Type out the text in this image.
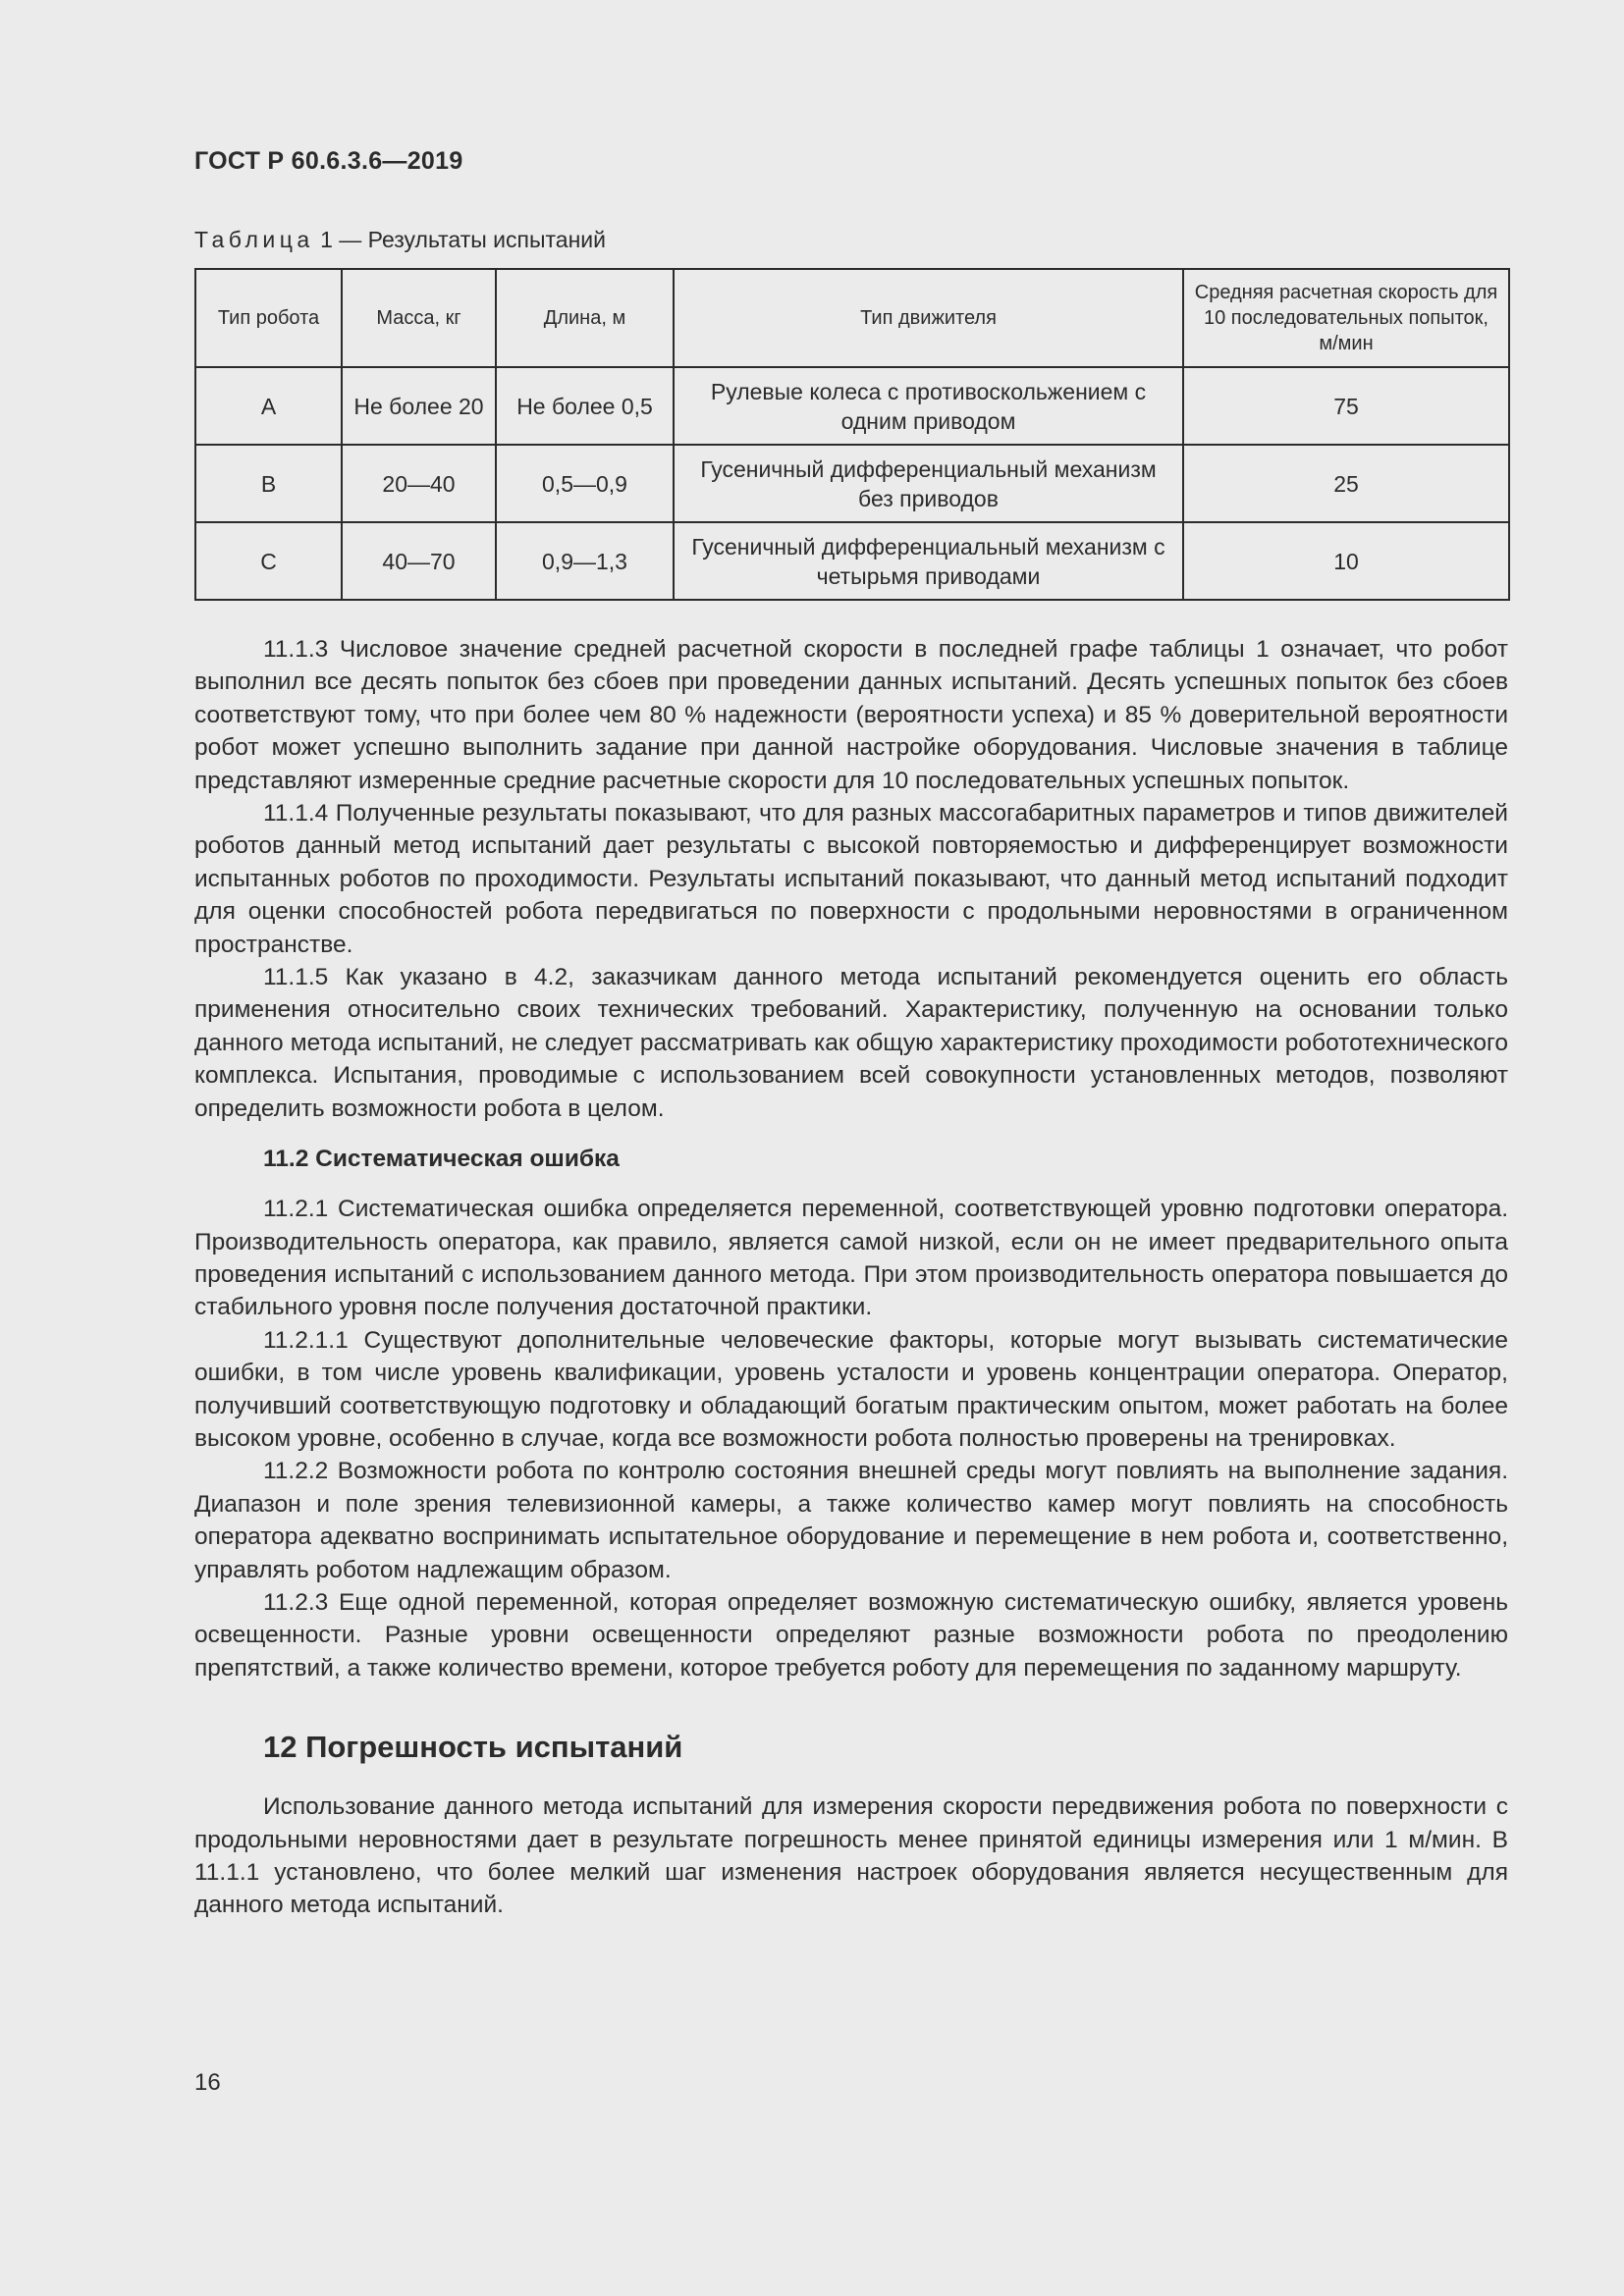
ГОСТ Р 60.6.3.6—2019
Таблица 1 — Результаты испытаний
Тип робота	Масса, кг	Длина, м	Тип движителя	Средняя расчетная скорость для 10 последовательных попыток, м/мин
A	Не более 20	Не более 0,5	Рулевые колеса с противоскольжением с одним приводом	75
B	20—40	0,5—0,9	Гусеничный дифференциальный механизм без приводов	25
C	40—70	0,9—1,3	Гусеничный дифференциальный механизм с четырьмя приводами	10

11.1.3 Числовое значение средней расчетной скорости в последней графе таблицы 1 означает, что робот выполнил все десять попыток без сбоев при проведении данных испытаний. Десять успешных попыток без сбоев соответствуют тому, что при более чем 80 % надежности (вероятности успеха) и 85 % доверительной вероятности робот может успешно выполнить задание при данной настройке оборудования. Числовые значения в таблице представляют измеренные средние расчетные скорости для 10 последовательных успешных попыток.

11.1.4 Полученные результаты показывают, что для разных массогабаритных параметров и типов движителей роботов данный метод испытаний дает результаты с высокой повторяемостью и дифференцирует возможности испытанных роботов по проходимости. Результаты испытаний показывают, что данный метод испытаний подходит для оценки способностей робота передвигаться по поверхности с продольными неровностями в ограниченном пространстве.

11.1.5 Как указано в 4.2, заказчикам данного метода испытаний рекомендуется оценить его область применения относительно своих технических требований. Характеристику, полученную на основании только данного метода испытаний, не следует рассматривать как общую характеристику проходимости робототехнического комплекса. Испытания, проводимые с использованием всей совокупности установленных методов, позволяют определить возможности робота в целом.

11.2 Систематическая ошибка

11.2.1 Систематическая ошибка определяется переменной, соответствующей уровню подготовки оператора. Производительность оператора, как правило, является самой низкой, если он не имеет предварительного опыта проведения испытаний с использованием данного метода. При этом производительность оператора повышается до стабильного уровня после получения достаточной практики.

11.2.1.1 Существуют дополнительные человеческие факторы, которые могут вызывать систематические ошибки, в том числе уровень квалификации, уровень усталости и уровень концентрации оператора. Оператор, получивший соответствующую подготовку и обладающий богатым практическим опытом, может работать на более высоком уровне, особенно в случае, когда все возможности робота полностью проверены на тренировках.

11.2.2 Возможности робота по контролю состояния внешней среды могут повлиять на выполнение задания. Диапазон и поле зрения телевизионной камеры, а также количество камер могут повлиять на способность оператора адекватно воспринимать испытательное оборудование и перемещение в нем робота и, соответственно, управлять роботом надлежащим образом.

11.2.3 Еще одной переменной, которая определяет возможную систематическую ошибку, является уровень освещенности. Разные уровни освещенности определяют разные возможности робота по преодолению препятствий, а также количество времени, которое требуется роботу для перемещения по заданному маршруту.

12 Погрешность испытаний

Использование данного метода испытаний для измерения скорости передвижения робота по поверхности с продольными неровностями дает в результате погрешность менее принятой единицы измерения или 1 м/мин. В 11.1.1 установлено, что более мелкий шаг изменения настроек оборудования является несущественным для данного метода испытаний.

16
